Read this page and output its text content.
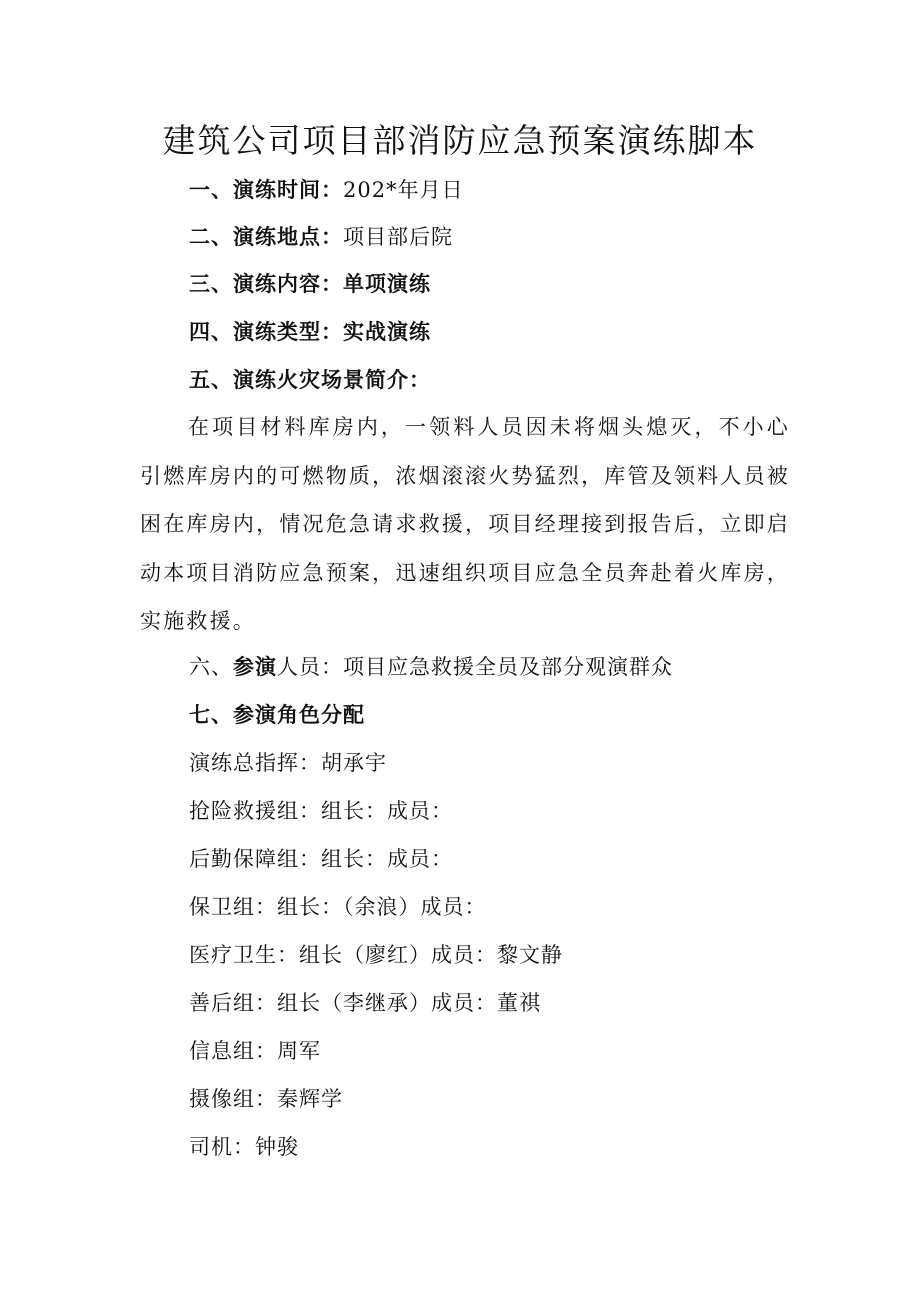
建筑公司项目部消防应急预案演练脚本
一、演练时间：202*年月日
二、演练地点：项目部后院
三、演练内容：单项演练
四、演练类型：实战演练
五、演练火灾场景简介：
在项目材料库房内，一领料人员因未将烟头熄灭，不小心引燃库房内的可燃物质，浓烟滚滚火势猛烈，库管及领料人员被困在库房内，情况危急请求救援，项目经理接到报告后，立即启动本项目消防应急预案，迅速组织项目应急全员奔赴着火库房，实施救援。
六、参演人员：项目应急救援全员及部分观演群众
七、参演角色分配
演练总指挥：胡承宇
抢险救援组：组长：成员：
后勤保障组：组长：成员：
保卫组：组长：（余浪）成员：
医疗卫生：组长（廖红）成员：黎文静
善后组：组长（李继承）成员：董祺
信息组：周军
摄像组：秦辉学
司机：钟骏
